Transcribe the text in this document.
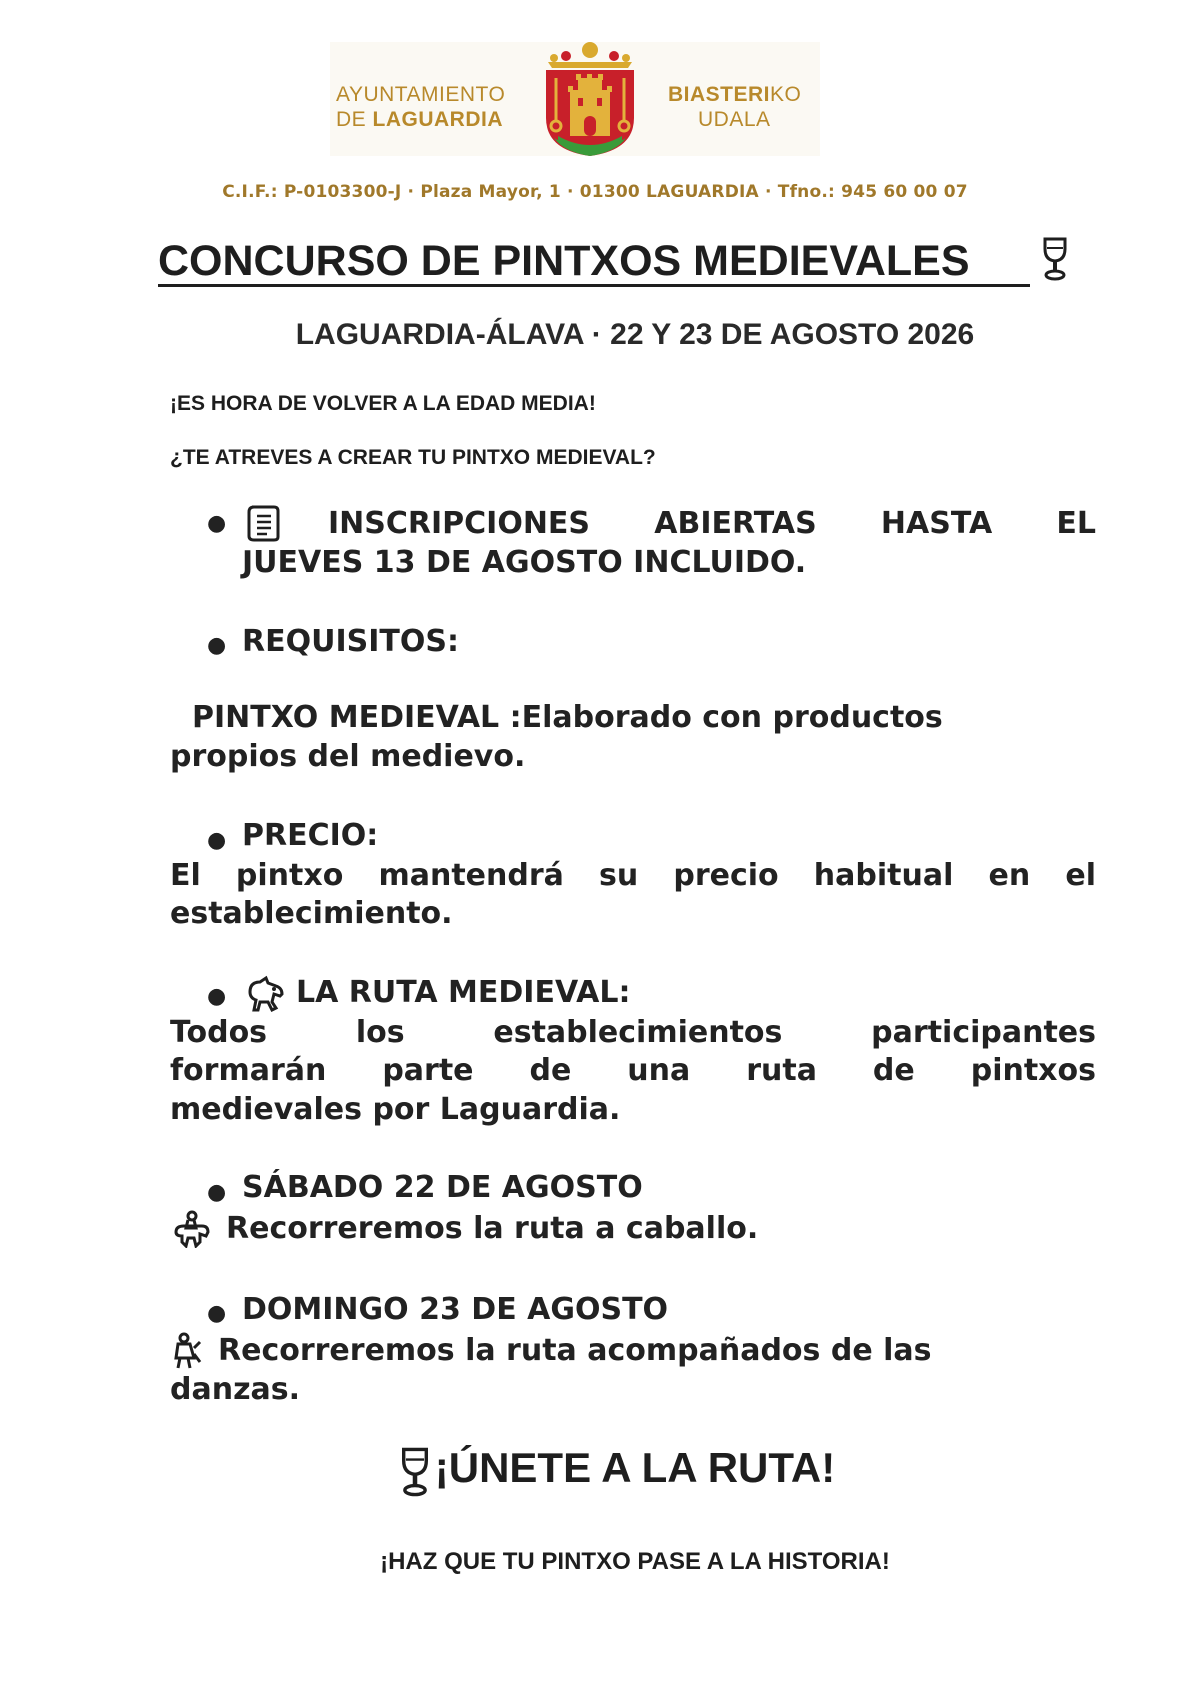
AYUNTAMIENTO
DE LAGUARDIA
BIASTERIKO
UDALA
C.I.F.: P-0103300-J · Plaza Mayor, 1 · 01300 LAGUARDIA · Tfno.: 945 60 00 07
CONCURSO DE PINTXOS MEDIEVALES
LAGUARDIA-ÁLAVA · 22 Y 23 DE AGOSTO 2026
¡ES HORA DE VOLVER A LA EDAD MEDIA!
¿TE ATREVES A CREAR TU PINTXO MEDIEVAL?
●	INSCRIPCIONES ABIERTAS HASTA EL
JUEVES 13 DE AGOSTO INCLUIDO.
● REQUISITOS:
PINTXO MEDIEVAL :Elaborado con productos
propios del medievo.
● PRECIO:
El pintxo mantendrá su precio habitual en el
establecimiento.
● LA RUTA MEDIEVAL:
Todos los establecimientos participantes
formarán parte de una ruta de pintxos
medievales por Laguardia.
● SÁBADO 22 DE AGOSTO
Recorreremos la ruta a caballo.
● DOMINGO 23 DE AGOSTO
Recorreremos la ruta acompañados de las
danzas.
¡ÚNETE A LA RUTA!
¡HAZ QUE TU PINTXO PASE A LA HISTORIA!
